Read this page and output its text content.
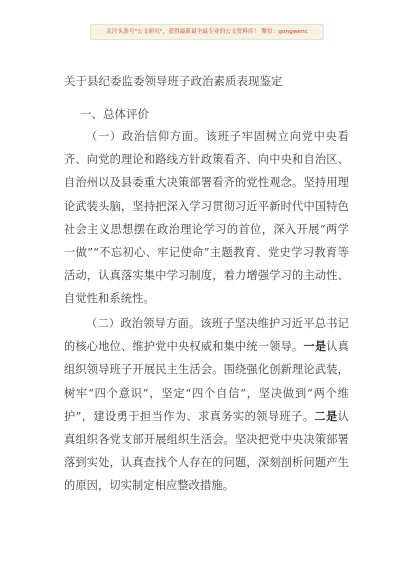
关注头条号"公文研究"，获得最新最全最专业的公文资料库！ 微信：gongwenc
关于县纪委监委领导班子政治素质表现鉴定
一、总体评价
（一）政治信仰方面。该班子牢固树立向党中央看齐、向党的理论和路线方针政策看齐、向中央和自治区、自治州以及县委重大决策部署看齐的党性观念。坚持用理论武装头脑，坚持把深入学习贯彻习近平新时代中国特色社会主义思想摆在政治理论学习的首位，深入开展“两学一做”“不忘初心、牢记使命”主题教育、党史学习教育等活动，认真落实集中学习制度，着力增强学习的主动性、自觉性和系统性。
（二）政治领导方面。该班子坚决维护习近平总书记的核心地位、维护党中央权威和集中统一领导。一是认真组织领导班子开展民主生活会。围绕强化创新理论武装，树牢“四个意识”，坚定“四个自信”，坚决做到“两个维护”，建设勇于担当作为、求真务实的领导班子。二是认真组织各党支部开展组织生活会。坚决把党中央决策部署落到实处，认真查找个人存在的问题，深刻剖析问题产生的原因，切实制定相应整改措施。
